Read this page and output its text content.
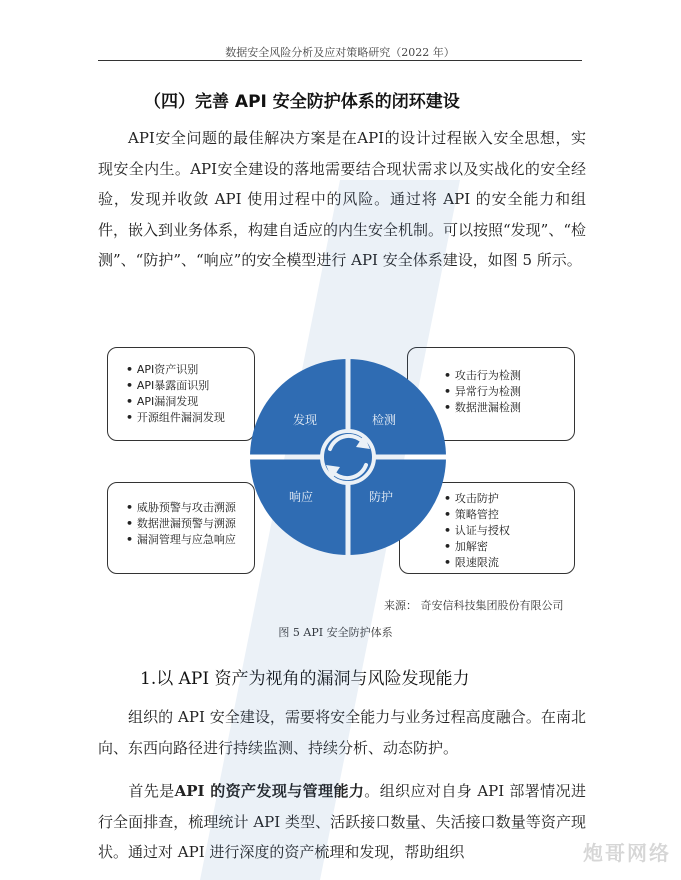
数据安全风险分析及应对策略研究（2022 年）
（四）完善 API 安全防护体系的闭环建设
API安全问题的最佳解决方案是在API的设计过程嵌入安全思想，实现安全内生。API安全建设的落地需要结合现状需求以及实战化的安全经验，发现并收敛 API 使用过程中的风险。通过将 API 的安全能力和组件，嵌入到业务体系，构建自适应的内生安全机制。可以按照“发现”、“检测”、“防护”、“响应”的安全模型进行 API 安全体系建设，如图 5 所示。
• API资产识别
• API暴露面识别
• API漏洞发现
• 开源组件漏洞发现
• 攻击行为检测
• 异常行为检测
• 数据泄漏检测
• 威胁预警与攻击溯源
• 数据泄漏预警与溯源
• 漏洞管理与应急响应
• 攻击防护
• 策略管控
• 认证与授权
• 加解密
• 限速限流
发现	检测
响应	防护
来源： 奇安信科技集团股份有限公司
图 5 API 安全防护体系
1.以 API 资产为视角的漏洞与风险发现能力
组织的 API 安全建设，需要将安全能力与业务过程高度融合。在南北向、东西向路径进行持续监测、持续分析、动态防护。
首先是API 的资产发现与管理能力。组织应对自身 API 部署情况进行全面排查，梳理统计 API 类型、活跃接口数量、失活接口数量等资产现状。通过对 API 进行深度的资产梳理和发现，帮助组织	炮哥网络
